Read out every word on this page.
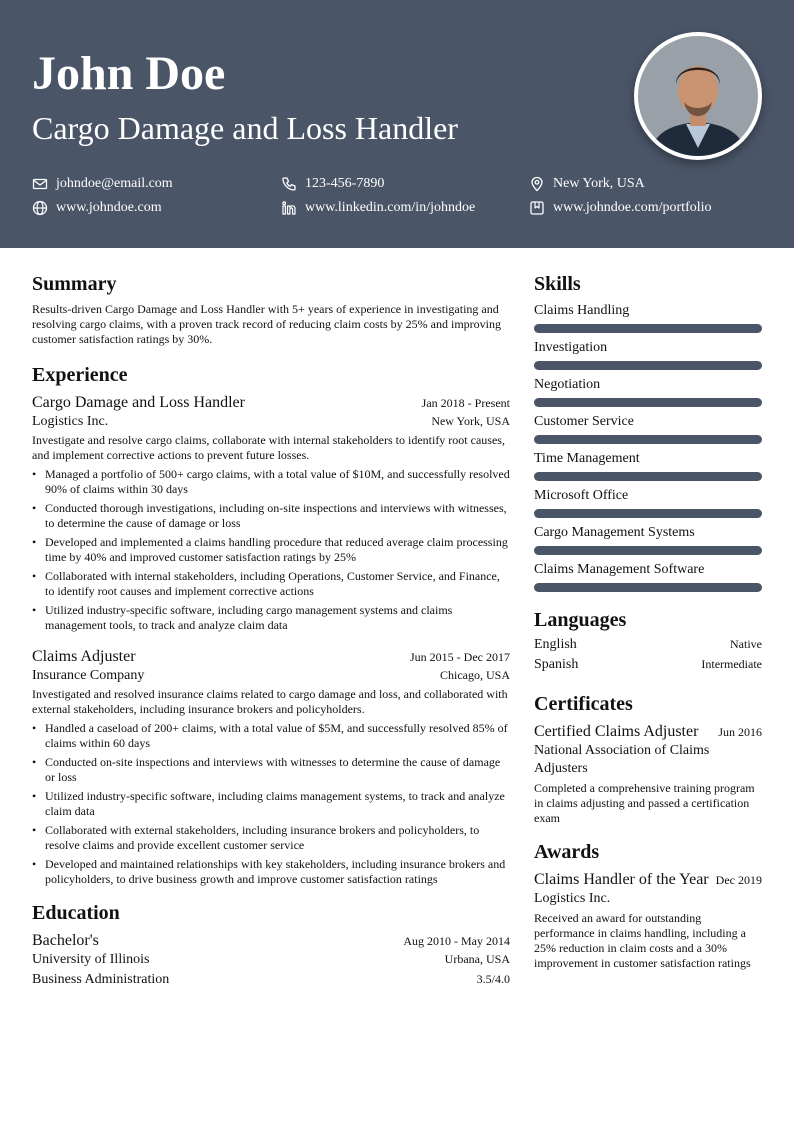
John Doe
Cargo Damage and Loss Handler
johndoe@email.com	123-456-7890	New York, USA
www.johndoe.com	www.linkedin.com/in/johndoe	www.johndoe.com/portfolio
Summary

Results-driven Cargo Damage and Loss Handler with 5+ years of experience in investigating and resolving cargo claims, with a proven track record of reducing claim costs by 25% and improving customer satisfaction ratings by 30%.

Experience
Cargo Damage and Loss Handler	Jan 2018 - Present
Logistics Inc.	New York, USA

Investigate and resolve cargo claims, collaborate with internal stakeholders to identify root causes, and implement corrective actions to prevent future losses.

• Managed a portfolio of 500+ cargo claims, with a total value of $10M, and successfully resolved 90% of claims within 30 days
• Conducted thorough investigations, including on-site inspections and interviews with witnesses, to determine the cause of damage or loss
• Developed and implemented a claims handling procedure that reduced average claim processing time by 40% and improved customer satisfaction ratings by 25%
• Collaborated with internal stakeholders, including Operations, Customer Service, and Finance, to identify root causes and implement corrective actions
• Utilized industry-specific software, including cargo management systems and claims management tools, to track and analyze claim data
Claims Adjuster	Jun 2015 - Dec 2017
Insurance Company	Chicago, USA

Investigated and resolved insurance claims related to cargo damage and loss, and collaborated with external stakeholders, including insurance brokers and policyholders.

• Handled a caseload of 200+ claims, with a total value of $5M, and successfully resolved 85% of claims within 60 days
• Conducted on-site inspections and interviews with witnesses to determine the cause of damage or loss
• Utilized industry-specific software, including claims management systems, to track and analyze claim data
• Collaborated with external stakeholders, including insurance brokers and policyholders, to resolve claims and provide excellent customer service
• Developed and maintained relationships with key stakeholders, including insurance brokers and policyholders, to drive business growth and improve customer satisfaction ratings
Education
Bachelor's	Aug 2010 - May 2014
University of Illinois	Urbana, USA
Business Administration	3.5/4.0
Skills
Claims Handling
Investigation
Negotiation
Customer Service
Time Management
Microsoft Office
Cargo Management Systems
Claims Management Software
Languages
English	Native
Spanish	Intermediate
Certificates
Certified Claims Adjuster Jun 2016
National Association of Claims Adjusters
Completed a comprehensive training program in claims adjusting and passed a certification exam
Awards
Claims Handler of the Year Dec 2019
Logistics Inc.
Received an award for outstanding performance in claims handling, including a 25% reduction in claim costs and a 30% improvement in customer satisfaction ratings
